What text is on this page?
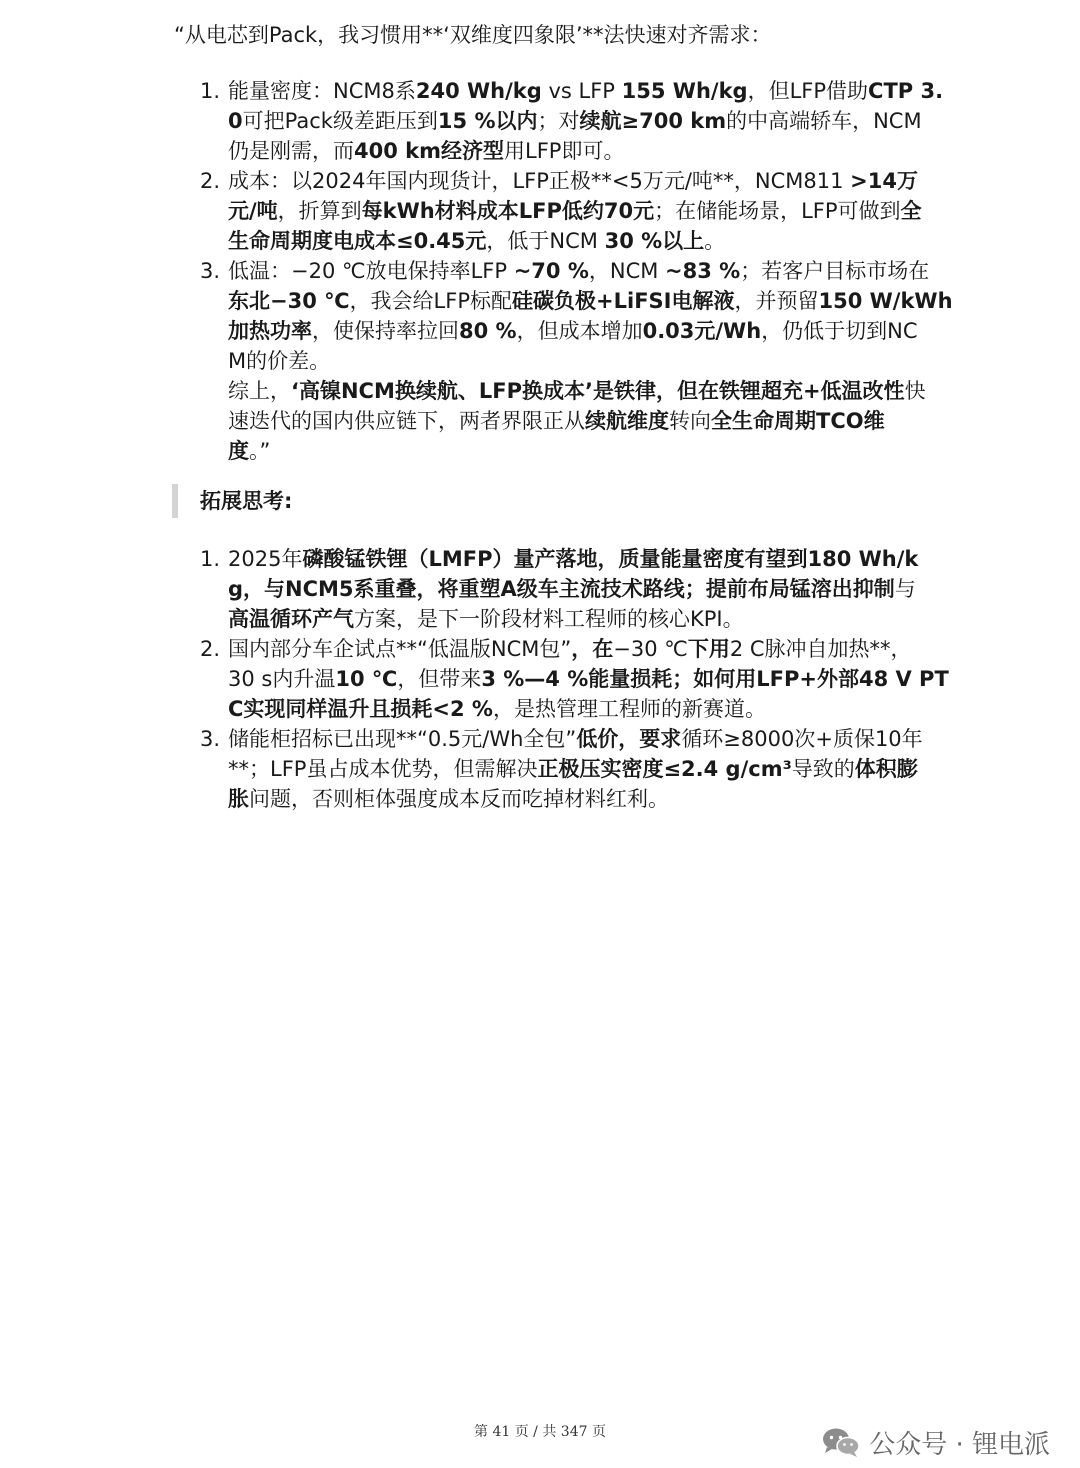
“从电芯到Pack，我习惯用**‘双维度四象限’**法快速对齐需求：
1. 能量密度：NCM8系240 Wh/kg vs LFP 155 Wh/kg，但LFP借助CTP 3.
0可把Pack级差距压到15 %以内；对续航≥700 km的中高端轿车，NCM
仍是刚需，而400 km经济型用LFP即可。
2. 成本：以2024年国内现货计，LFP正极**<5万元/吨**，NCM811 >14万
元/吨，折算到每kWh材料成本LFP低约70元；在储能场景，LFP可做到全
生命周期度电成本≤0.45元，低于NCM 30 %以上。
3. 低温：−20 ℃放电保持率LFP ~70 %，NCM ~83 %；若客户目标市场在
东北−30 ℃，我会给LFP标配硅碳负极+LiFSI电解液，并预留150 W/kWh
加热功率，使保持率拉回80 %，但成本增加0.03元/Wh，仍低于切到NC
M的价差。
综上，‘高镍NCM换续航、LFP换成本’是铁律，但在铁锂超充+低温改性快
速迭代的国内供应链下，两者界限正从续航维度转向全生命周期TCO维
度。”
拓展思考:
1. 2025年磷酸锰铁锂（LMFP）量产落地，质量能量密度有望到180 Wh/k
g，与NCM5系重叠，将重塑A级车主流技术路线；提前布局锰溶出抑制与
高温循环产气方案，是下一阶段材料工程师的核心KPI。
2. 国内部分车企试点**“低温版NCM包”，在−30 ℃下用2 C脉冲自加热**，
30 s内升温10 ℃，但带来3 %—4 %能量损耗；如何用LFP+外部48 V PT
C实现同样温升且损耗<2 %，是热管理工程师的新赛道。
3. 储能柜招标已出现**“0.5元/Wh全包”低价，要求循环≥8000次+质保10年
**；LFP虽占成本优势，但需解决正极压实密度≤2.4 g/cm³导致的体积膨
胀问题，否则柜体强度成本反而吃掉材料红利。
第 41 页 / 共 347 页	公众号 · 锂电派
